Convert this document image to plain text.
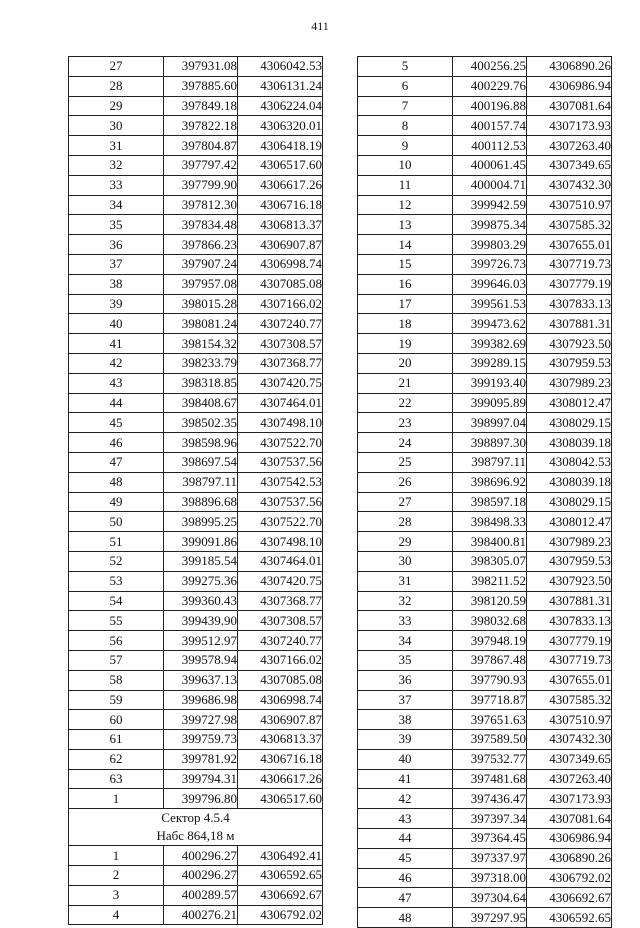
411
27	397931.08	4306042.53
28	397885.60	4306131.24
29	397849.18	4306224.04
30	397822.18	4306320.01
31	397804.87	4306418.19
32	397797.42	4306517.60
33	397799.90	4306617.26
34	397812.30	4306716.18
35	397834.48	4306813.37
36	397866.23	4306907.87
37	397907.24	4306998.74
38	397957.08	4307085.08
39	398015.28	4307166.02
40	398081.24	4307240.77
41	398154.32	4307308.57
42	398233.79	4307368.77
43	398318.85	4307420.75
44	398408.67	4307464.01
45	398502.35	4307498.10
46	398598.96	4307522.70
47	398697.54	4307537.56
48	398797.11	4307542.53
49	398896.68	4307537.56
50	398995.25	4307522.70
51	399091.86	4307498.10
52	399185.54	4307464.01
53	399275.36	4307420.75
54	399360.43	4307368.77
55	399439.90	4307308.57
56	399512.97	4307240.77
57	399578.94	4307166.02
58	399637.13	4307085.08
59	399686.98	4306998.74
60	399727.98	4306907.87
61	399759.73	4306813.37
62	399781.92	4306716.18
63	399794.31	4306617.26
1	399796.80	4306517.60

Сектор 4.5.4
Набс 864,18 м		

1	400296.27	4306492.41
2	400296.27	4306592.65
3	400289.57	4306692.67
4	400276.21	4306792.02
5	400256.25	4306890.26
6	400229.76	4306986.94
7	400196.88	4307081.64
8	400157.74	4307173.93
9	400112.53	4307263.40
10	400061.45	4307349.65
11	400004.71	4307432.30
12	399942.59	4307510.97
13	399875.34	4307585.32
14	399803.29	4307655.01
15	399726.73	4307719.73
16	399646.03	4307779.19
17	399561.53	4307833.13
18	399473.62	4307881.31
19	399382.69	4307923.50
20	399289.15	4307959.53
21	399193.40	4307989.23
22	399095.89	4308012.47
23	398997.04	4308029.15
24	398897.30	4308039.18
25	398797.11	4308042.53
26	398696.92	4308039.18
27	398597.18	4308029.15
28	398498.33	4308012.47
29	398400.81	4307989.23
30	398305.07	4307959.53
31	398211.52	4307923.50
32	398120.59	4307881.31
33	398032.68	4307833.13
34	397948.19	4307779.19
35	397867.48	4307719.73
36	397790.93	4307655.01
37	397718.87	4307585.32
38	397651.63	4307510.97
39	397589.50	4307432.30
40	397532.77	4307349.65
41	397481.68	4307263.40
42	397436.47	4307173.93
43	397397.34	4307081.64
44	397364.45	4306986.94
45	397337.97	4306890.26
46	397318.00	4306792.02
47	397304.64	4306692.67
48	397297.95	4306592.65
